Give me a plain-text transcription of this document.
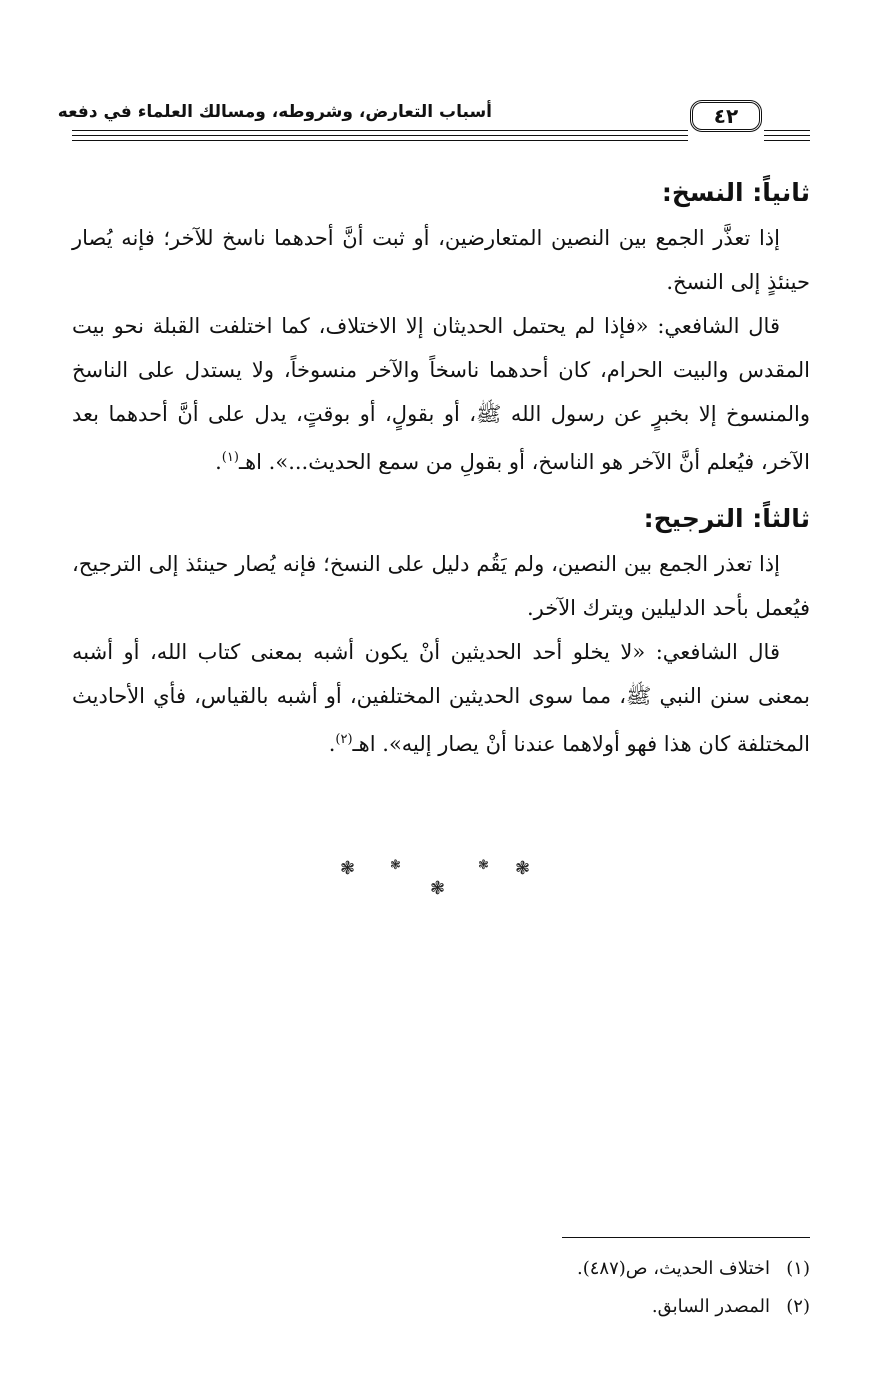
أسباب التعارض، وشروطه، ومسالك العلماء في دفعه	٤٢
ثانياً: النسخ:

إذا تعذَّر الجمع بين النصين المتعارضين، أو ثبت أنَّ أحدهما ناسخ للآخر؛ فإنه يُصار حينئذٍ إلى النسخ.

قال الشافعي: «فإذا لم يحتمل الحديثان إلا الاختلاف، كما اختلفت القبلة نحو بيت المقدس والبيت الحرام، كان أحدهما ناسخاً والآخر منسوخاً، ولا يستدل على الناسخ والمنسوخ إلا بخبرٍ عن رسول الله ﷺ، أو بقولٍ، أو بوقتٍ، يدل على أنَّ أحدهما بعد الآخر، فيُعلم أنَّ الآخر هو الناسخ، أو بقولِ من سمع الحديث...». اهـ$^{(١)}$.

ثالثاً: الترجيح:

إذا تعذر الجمع بين النصين، ولم يَقُم دليل على النسخ؛ فإنه يُصار حينئذ إلى الترجيح، فيُعمل بأحد الدليلين ويترك الآخر.

قال الشافعي: «لا يخلو أحد الحديثين أنْ يكون أشبه بمعنى كتاب الله، أو أشبه بمعنى سنن النبي ﷺ، مما سوى الحديثين المختلفين، أو أشبه بالقياس، فأي الأحاديث المختلفة كان هذا فهو أولاهما عندنا أنْ يصار إليه». اهـ$^{(٢)}$.

❃	❃
❃
❃ ❃

(١)اختلاف الحديث، ص(٤٨٧).

(٢)المصدر السابق.
